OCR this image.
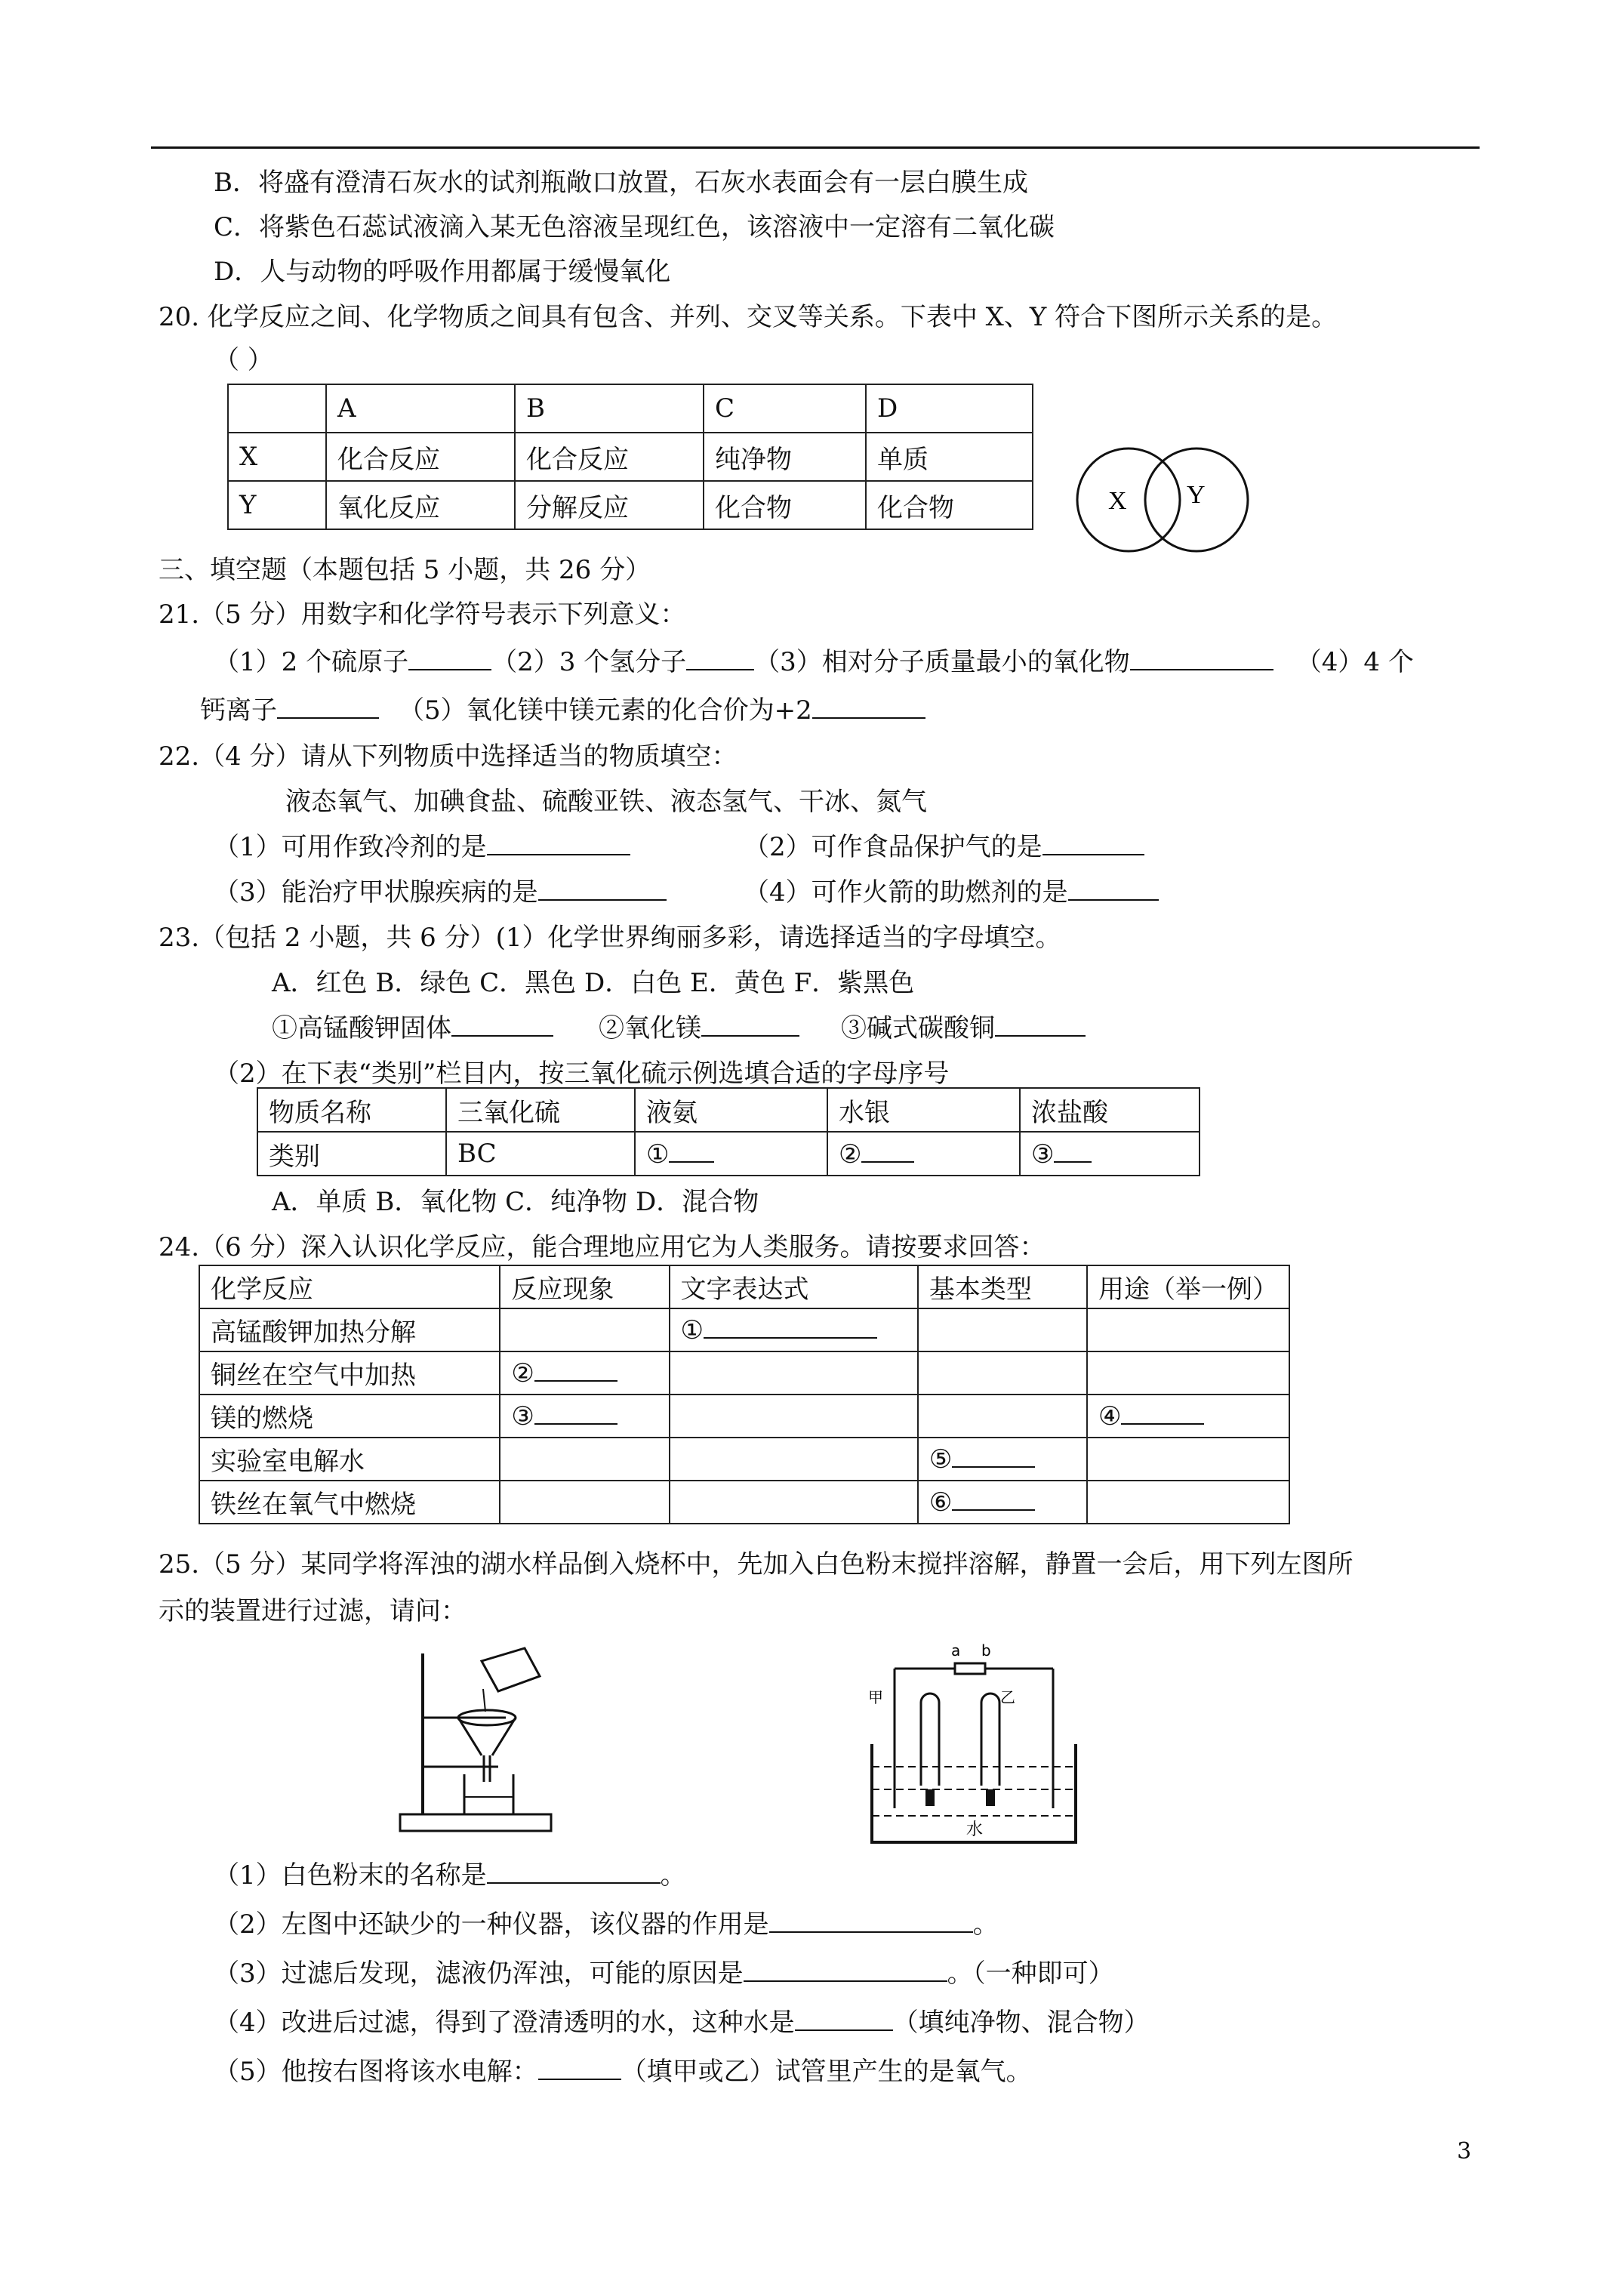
B．将盛有澄清石灰水的试剂瓶敞口放置，石灰水表面会有一层白膜生成
C．将紫色石蕊试液滴入某无色溶液呈现红色，该溶液中一定溶有二氧化碳
D．人与动物的呼吸作用都属于缓慢氧化
20. 化学反应之间、化学物质之间具有包含、并列、交叉等关系。下表中 X、Y 符合下图所示关系的是。
（ ）
	A	B	C	D
X	化合反应	化合反应	纯净物	单质
Y	氧化反应	分解反应	化合物	化合物	X Y
三、填空题（本题包括 5 小题，共 26 分）
21.（5 分）用数字和化学符号表示下列意义：
（1）2 个硫原子	（2）3 个氢分子	（3）相对分子质量最小的氧化物	（4）4 个
钙离子	（5）氧化镁中镁元素的化合价为+2
22.（4 分）请从下列物质中选择适当的物质填空：
液态氧气、加碘食盐、硫酸亚铁、液态氢气、干冰、氮气
（1）可用作致冷剂的是	（2）可作食品保护气的是
（3）能治疗甲状腺疾病的是	（4）可作火箭的助燃剂的是
23.（包括 2 小题，共 6 分）(1）化学世界绚丽多彩，请选择适当的字母填空。
A．红色 B．绿色 C．黑色 D．白色 E．黄色 F．紫黑色
①高锰酸钾固体	②氧化镁	③碱式碳酸铜
（2）在下表“类别”栏目内，按三氧化硫示例选填合适的字母序号
物质名称	三氧化硫	液氨	水银	浓盐酸
类别	BC	①	②	③
A．单质 B．氧化物 C．纯净物 D．混合物
24.（6 分）深入认识化学反应，能合理地应用它为人类服务。请按要求回答：
化学反应	反应现象	文字表达式	基本类型	用途（举一例）
高锰酸钾加热分解		①		
铜丝在空气中加热	②			
镁的燃烧	③			④
实验室电解水			⑤	
铁丝在氧气中燃烧			⑥	
25.（5 分）某同学将浑浊的湖水样品倒入烧杯中，先加入白色粉末搅拌溶解，静置一会后，用下列左图所
示的装置进行过滤，请问：
a b
甲	乙
水
（1）白色粉末的名称是	。
（2）左图中还缺少的一种仪器，该仪器的作用是	。
（3）过滤后发现，滤液仍浑浊，可能的原因是	。（一种即可）
（4）改进后过滤，得到了澄清透明的水，这种水是	（填纯净物、混合物）
（5）他按右图将该水电解：	（填甲或乙）试管里产生的是氧气。
3
